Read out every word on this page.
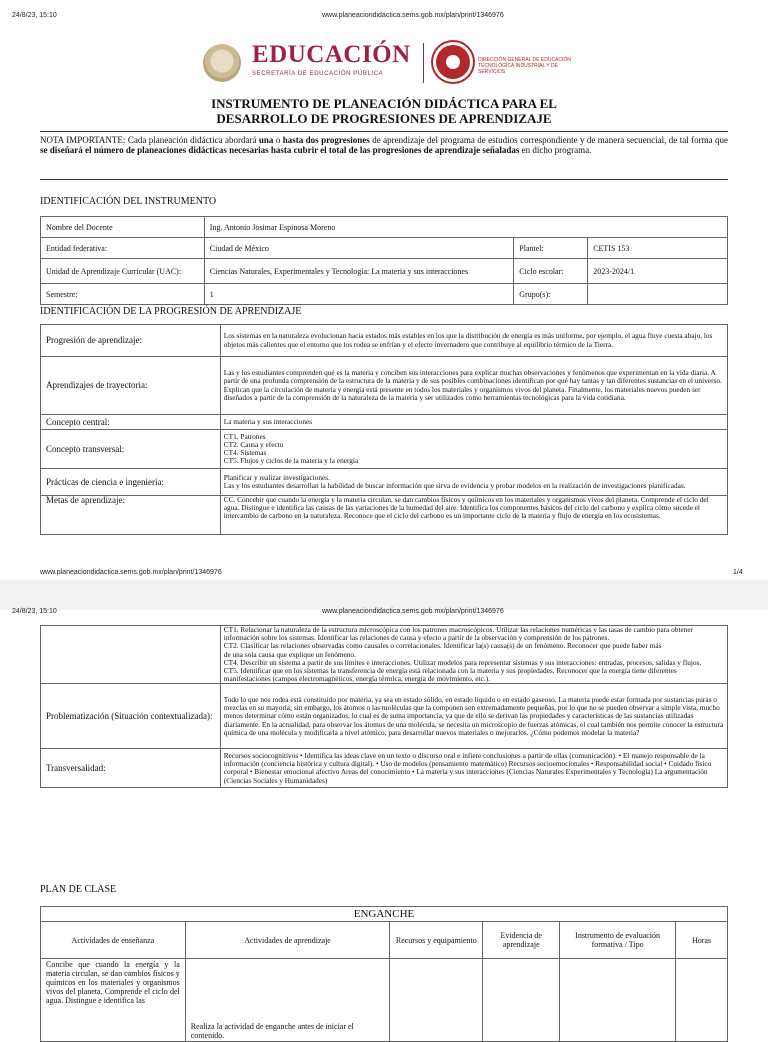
24/8/23, 15:10	www.planeaciondidactica.sems.gob.mx/plan/print/1346976
EDUCACIÓN
SECRETARÍA DE EDUCACIÓN PÚBLICA
DIRECCIÓN GENERAL DE EDUCACIÓN TECNOLÓGICA INDUSTRIAL Y DE SERVICIOS
INSTRUMENTO DE PLANEACIÓN DIDÁCTICA PARA EL
DESARROLLO DE PROGRESIONES DE APRENDIZAJE
NOTA IMPORTANTE: Cada planeación didáctica abordará una o hasta dos progresiones de aprendizaje del programa de estudios correspondiente y de manera secuencial, de tal forma que se diseñará el número de planeaciones didácticas necesarias hasta cubrir el total de las progresiones de aprendizaje señaladas en dicho programa.
IDENTIFICACIÓN DEL INSTRUMENTO
Nombre del Docente	Ing. Antonio Josimar Espinosa Moreno		
Entidad federativa:	Ciudad de México	Plantel:	CETIS 153
Unidad de Aprendizaje Curricular (UAC):	Ciencias Naturales, Experimentales y Tecnología: La materia y sus interacciones	Ciclo escolar:	2023-2024/1
Semestre:	1	Grupo(s):	
IDENTIFICACIÓN DE LA PROGRESIÓN DE APRENDIZAJE
Progresión de aprendizaje:	Los sistemas en la naturaleza evolucionan hacia estados más estables en los que la distribución de energía es más uniforme, por ejemplo, el agua fluye cuesta abajo, los objetos más calientes que el entorno que los rodea se enfrían y el efecto invernadero que contribuye al equilibrio térmico de la Tierra.
Aprendizajes de trayectoria:	Las y los estudiantes comprenden qué es la materia y conciben sus interacciones para explicar muchas observaciones y fenómenos que experimentan en la vida diaria. A partir de una profunda comprensión de la estructura de la materia y de sus posibles combinaciones identifican por qué hay tantas y tan diferentes sustancias en el universo. Explican que la circulación de materia y energía está presente en todos los materiales y organismos vivos del planeta. Finalmente, los materiales nuevos pueden ser diseñados a partir de la comprensión de la naturaleza de la materia y ser utilizados como herramientas tecnológicas para la vida cotidiana.
Concepto central:	La materia y sus interacciones
Concepto transversal:	CT1. Patrones
CT2. Causa y efecto
CT4. Sistemas
CT5. Flujos y ciclos de la materia y la energía

Prácticas de ciencia e ingeniería:	Planificar y realizar investigaciones.
Las y los estudiantes desarrollan la habilidad de buscar información que sirva de evidencia y probar modelos en la realización de investigaciones planificadas.

Metas de aprendizaje:	CC. Concebir que cuando la energía y la materia circulan, se dan cambios físicos y químicos en los materiales y organismos vivos del planeta. Comprende el ciclo del agua. Distingue e identifica las causas de las variaciones de la humedad del aire. Identifica los componentes básicos del ciclo del carbono y explica cómo sucede el intercambio de carbono en la naturaleza. Reconoce que el ciclo del carbono es un importante ciclo de la materia y flujo de energía en los ecosistemas.
www.planeaciondidactica.sems.gob.mx/plan/print/1346976	1/4
24/8/23, 15:10	www.planeaciondidactica.sems.gob.mx/plan/print/1346976

	CT1. Relacionar la naturaleza de la estructura microscópica con los patrones macroscópicos. Utilizar las relaciones numéricas y las tasas de cambio para obtener información sobre los sistemas. Identificar las relaciones de causa y efecto a partir de la observación y comprensión de los patrones.
CT2. Clasificar las relaciones observadas como causales o correlacionales. Identificar la(s) causa(s) de un fenómeno. Reconocer que puede haber más
de una sola causa que explique un fenómeno.
CT4. Describir un sistema a partir de sus límites e interacciones. Utilizar modelos para representar sistemas y sus interacciones: entradas, procesos, salidas y flujos.
CT5. Identificar que en los sistemas la transferencia de energía está relacionada con la materia y sus propiedades. Reconocer que la energía tiene diferentes manifestaciones (campos electromagnéticos, energía térmica, energía de movimiento, etc.).

Problematización (Situación contextualizada):	Todo lo que nos rodea está constituido por materia, ya sea en estado sólido, en estado líquido o en estado gaseoso. La materia puede estar formada por sustancias puras o mezclas en su mayoría; sin embargo, los átomos o las moléculas que la componen son extremadamente pequeñas, por lo que no se pueden observar a simple vista, mucho menos determinar cómo están organizados, lo cual es de suma importancia, ya que de ello se derivan las propiedades y características de las sustancias utilizadas diariamente. En la actualidad, para observar los átomos de una molécula, se necesita un microscopio de fuerzas atómicas, el cual también nos permite conocer la estructura química de una molécula y modificarla a nivel atómico, para desarrollar nuevos materiales o mejorarlos. ¿Cómo podemos modelar la materia?
Transversalidad:	Recursos sociocognitivos • Identifica las ideas clave en un texto o discurso oral e infiere conclusiones a partir de ellas (comunicación). • El manejo responsable de la información (conciencia histórica y cultura digital). • Uso de modelos (pensamiento matemático) Recursos socioemocionales • Responsabilidad social • Cuidado físico corporal • Bienestar emocional afectivo Areas del conocimiento • La materia y sus interacciones (Ciencias Naturales Experimentales y Tecnología) La argumentación (Ciencias Sociales y Humanidades)
PLAN DE CLASE
ENGANCHE					
Actividades de enseñanza	Actividades de aprendizaje	Recursos y equipamiento	Evidencia de aprendizaje	Instrumento de evaluación formativa / Tipo	Horas
Concibe que cuando la energía y la materia circulan, se dan cambios físicos y químicos en los materiales y organismos vivos del planeta. Comprende el ciclo del agua. Distingue e identifica las	Realiza la actividad de enganche antes de iniciar el contenido.				
